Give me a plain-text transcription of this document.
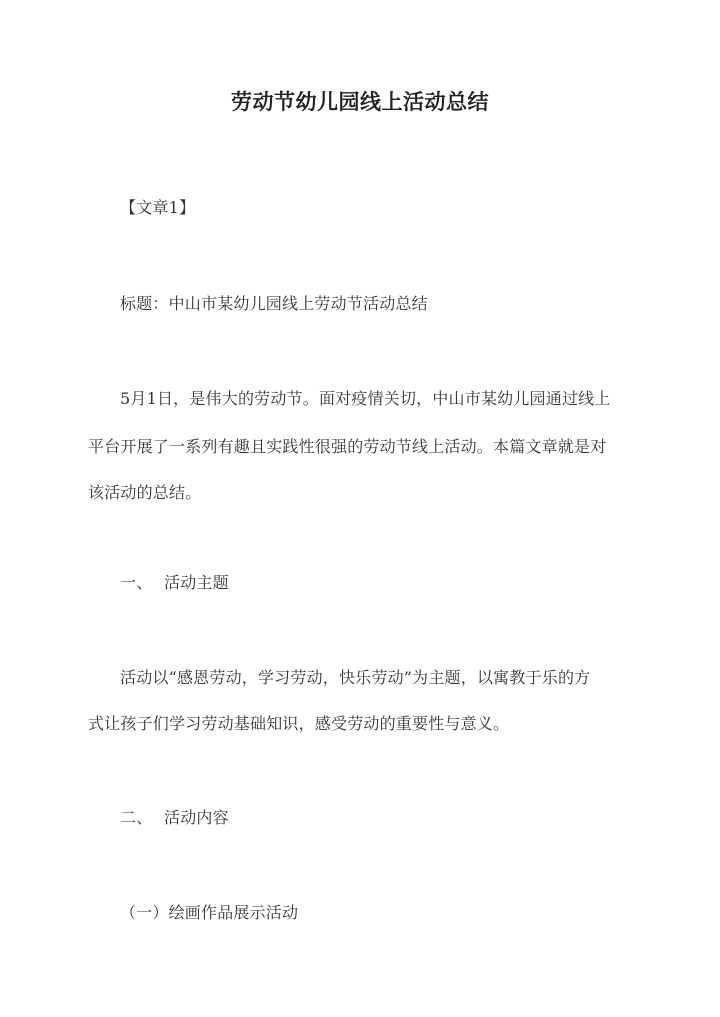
劳动节幼儿园线上活动总结
【文章1】
标题：中山市某幼儿园线上劳动节活动总结
5月1日，是伟大的劳动节。面对疫情关切，中山市某幼儿园通过线上
平台开展了一系列有趣且实践性很强的劳动节线上活动。本篇文章就是对
该活动的总结。
一、 活动主题
活动以“感恩劳动，学习劳动，快乐劳动”为主题，以寓教于乐的方
式让孩子们学习劳动基础知识，感受劳动的重要性与意义。
二、 活动内容
（一）绘画作品展示活动
